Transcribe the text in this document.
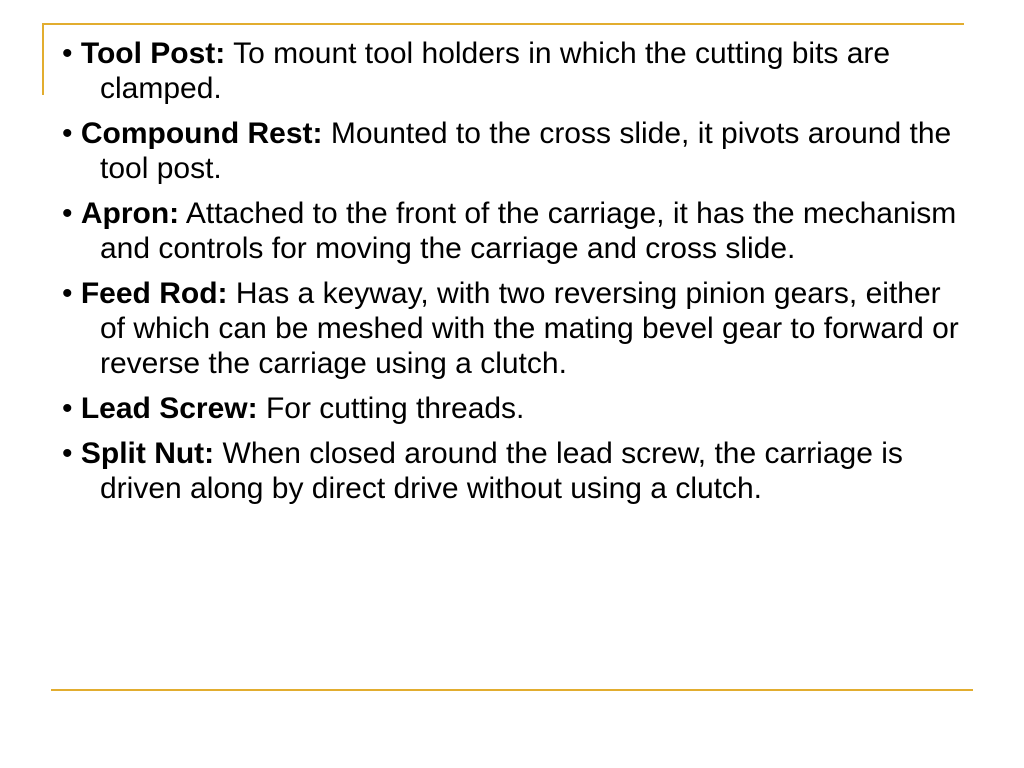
• Tool Post: To mount tool holders in which the cutting bits are clamped.

• Compound Rest: Mounted to the cross slide, it pivots around the tool post.

• Apron: Attached to the front of the carriage, it has the mechanism and controls for moving the carriage and cross slide.

• Feed Rod: Has a keyway, with two reversing pinion gears, either of which can be meshed with the mating bevel gear to forward or reverse the carriage using a clutch.

• Lead Screw: For cutting threads.

• Split Nut: When closed around the lead screw, the carriage is driven along by direct drive without using a clutch.
